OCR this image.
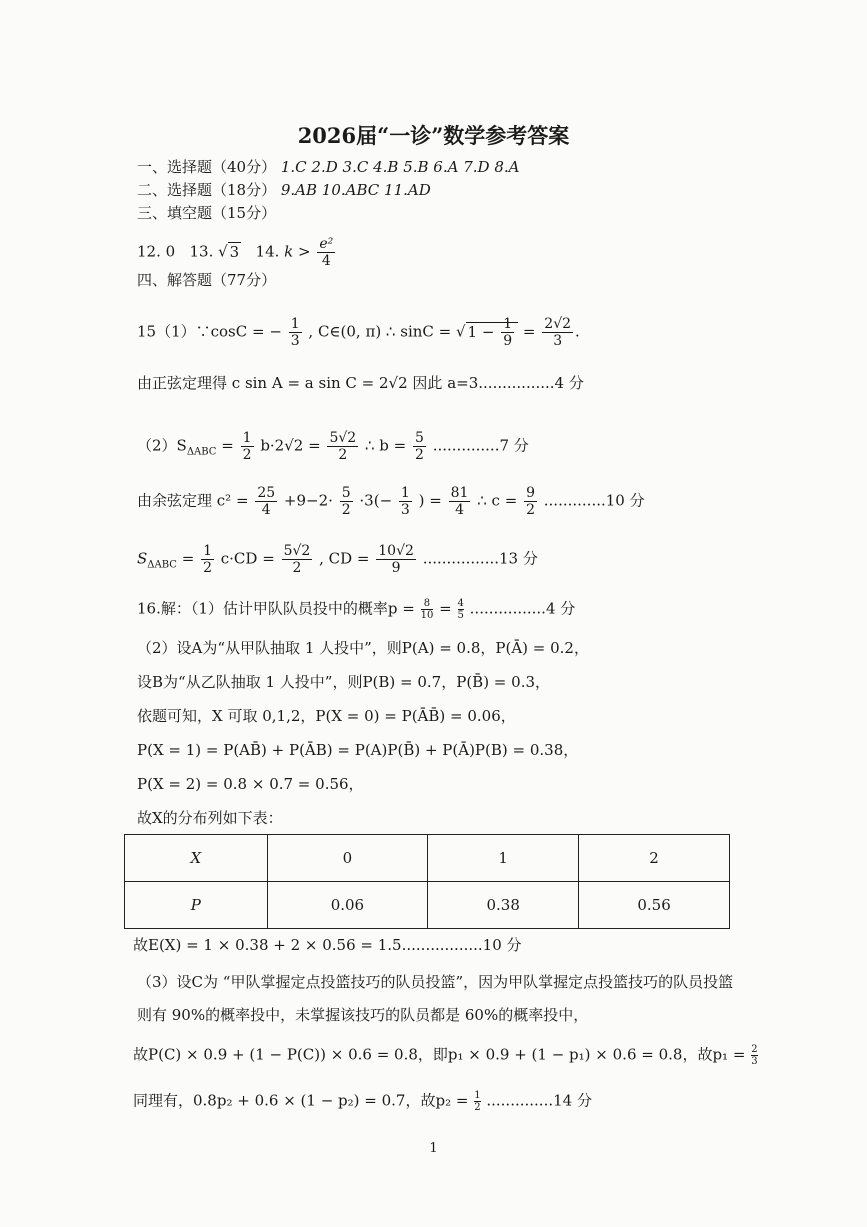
2026届“一诊”数学参考答案
一、选择题（40分） 1.C 2.D 3.C 4.B 5.B 6.A 7.D 8.A
二、选择题（18分） 9.AB 10.ABC 11.AD
三、填空题（15分）
12. 0 13. √ 3 14. $k > \frac{\text{e²}}{4}$
四、解答题（77分）
15（1）∵cosC = − $\frac{1}{3}$ , C∈(0, π) ∴ sinC = √ $1 - \frac{1}{9} = \frac{2√2}{3}$ .
由正弦定理得 c sin A = a sin C = 2√2 因此 a=3................4 分
$(2)S_{\Delta ABC} = \frac{1}{2} b\cdot 2√2 = \frac{5√2}{2}$ ∴ $b = \frac{5}{2} ..............7$ 分
由余弦定理 $c^2 = \frac{25}{4} +9-2\cdot \frac{5}{2} \cdot 3(- \frac{1}{3}$ ) = $\frac{81}{4}$ ∴ $c = \frac{9}{2} .............10$ 分
$S_{\Delta ABC} = \frac{1}{2} c\cdot CD = \frac{5√2}{2}$ , CD = $\frac{10√2}{9} ................13$ 分
16.解：（1）估计甲队队员投中的概率$p = \frac{8}{10} = \frac{4}{5} ................4$ 分
（2）设A为“从甲队抽取 1 人投中”，则P(A) = 0.8，P(Ā) = 0.2，
设B为“从乙队抽取 1 人投中”，则P(B) = 0.7，P(B̄) = 0.3，
依题可知，X 可取 0,1,2，P(X = 0) = P(ĀB̄) = 0.06，
P(X = 1) = P(AB̄) + P(ĀB) = P(A)P(B̄) + P(Ā)P(B) = 0.38，
P(X = 2) = 0.8 × 0.7 = 0.56，
故X的分布列如下表：
X	0	1	2
P	0.06	0.38	0.56
故E(X) = 1 × 0.38 + 2 × 0.56 = 1.5.................10 分
（3）设C为 “甲队掌握定点投篮技巧的队员投篮”，因为甲队掌握定点投篮技巧的队员投篮
则有 90%的概率投中，未掌握该技巧的队员都是 60%的概率投中，
故P(C) × 0.9 + (1 − P(C)) × 0.6 = 0.8，即p₁ × 0.9 + (1 − p₁) × 0.6 = 0.8，故$p_1 = \frac{2}{3}$
同理有，0.8p₂ + 0.6 × (1 − p₂) = 0.7，故$p_2 = \frac{1}{2} ..............14$ 分
1
